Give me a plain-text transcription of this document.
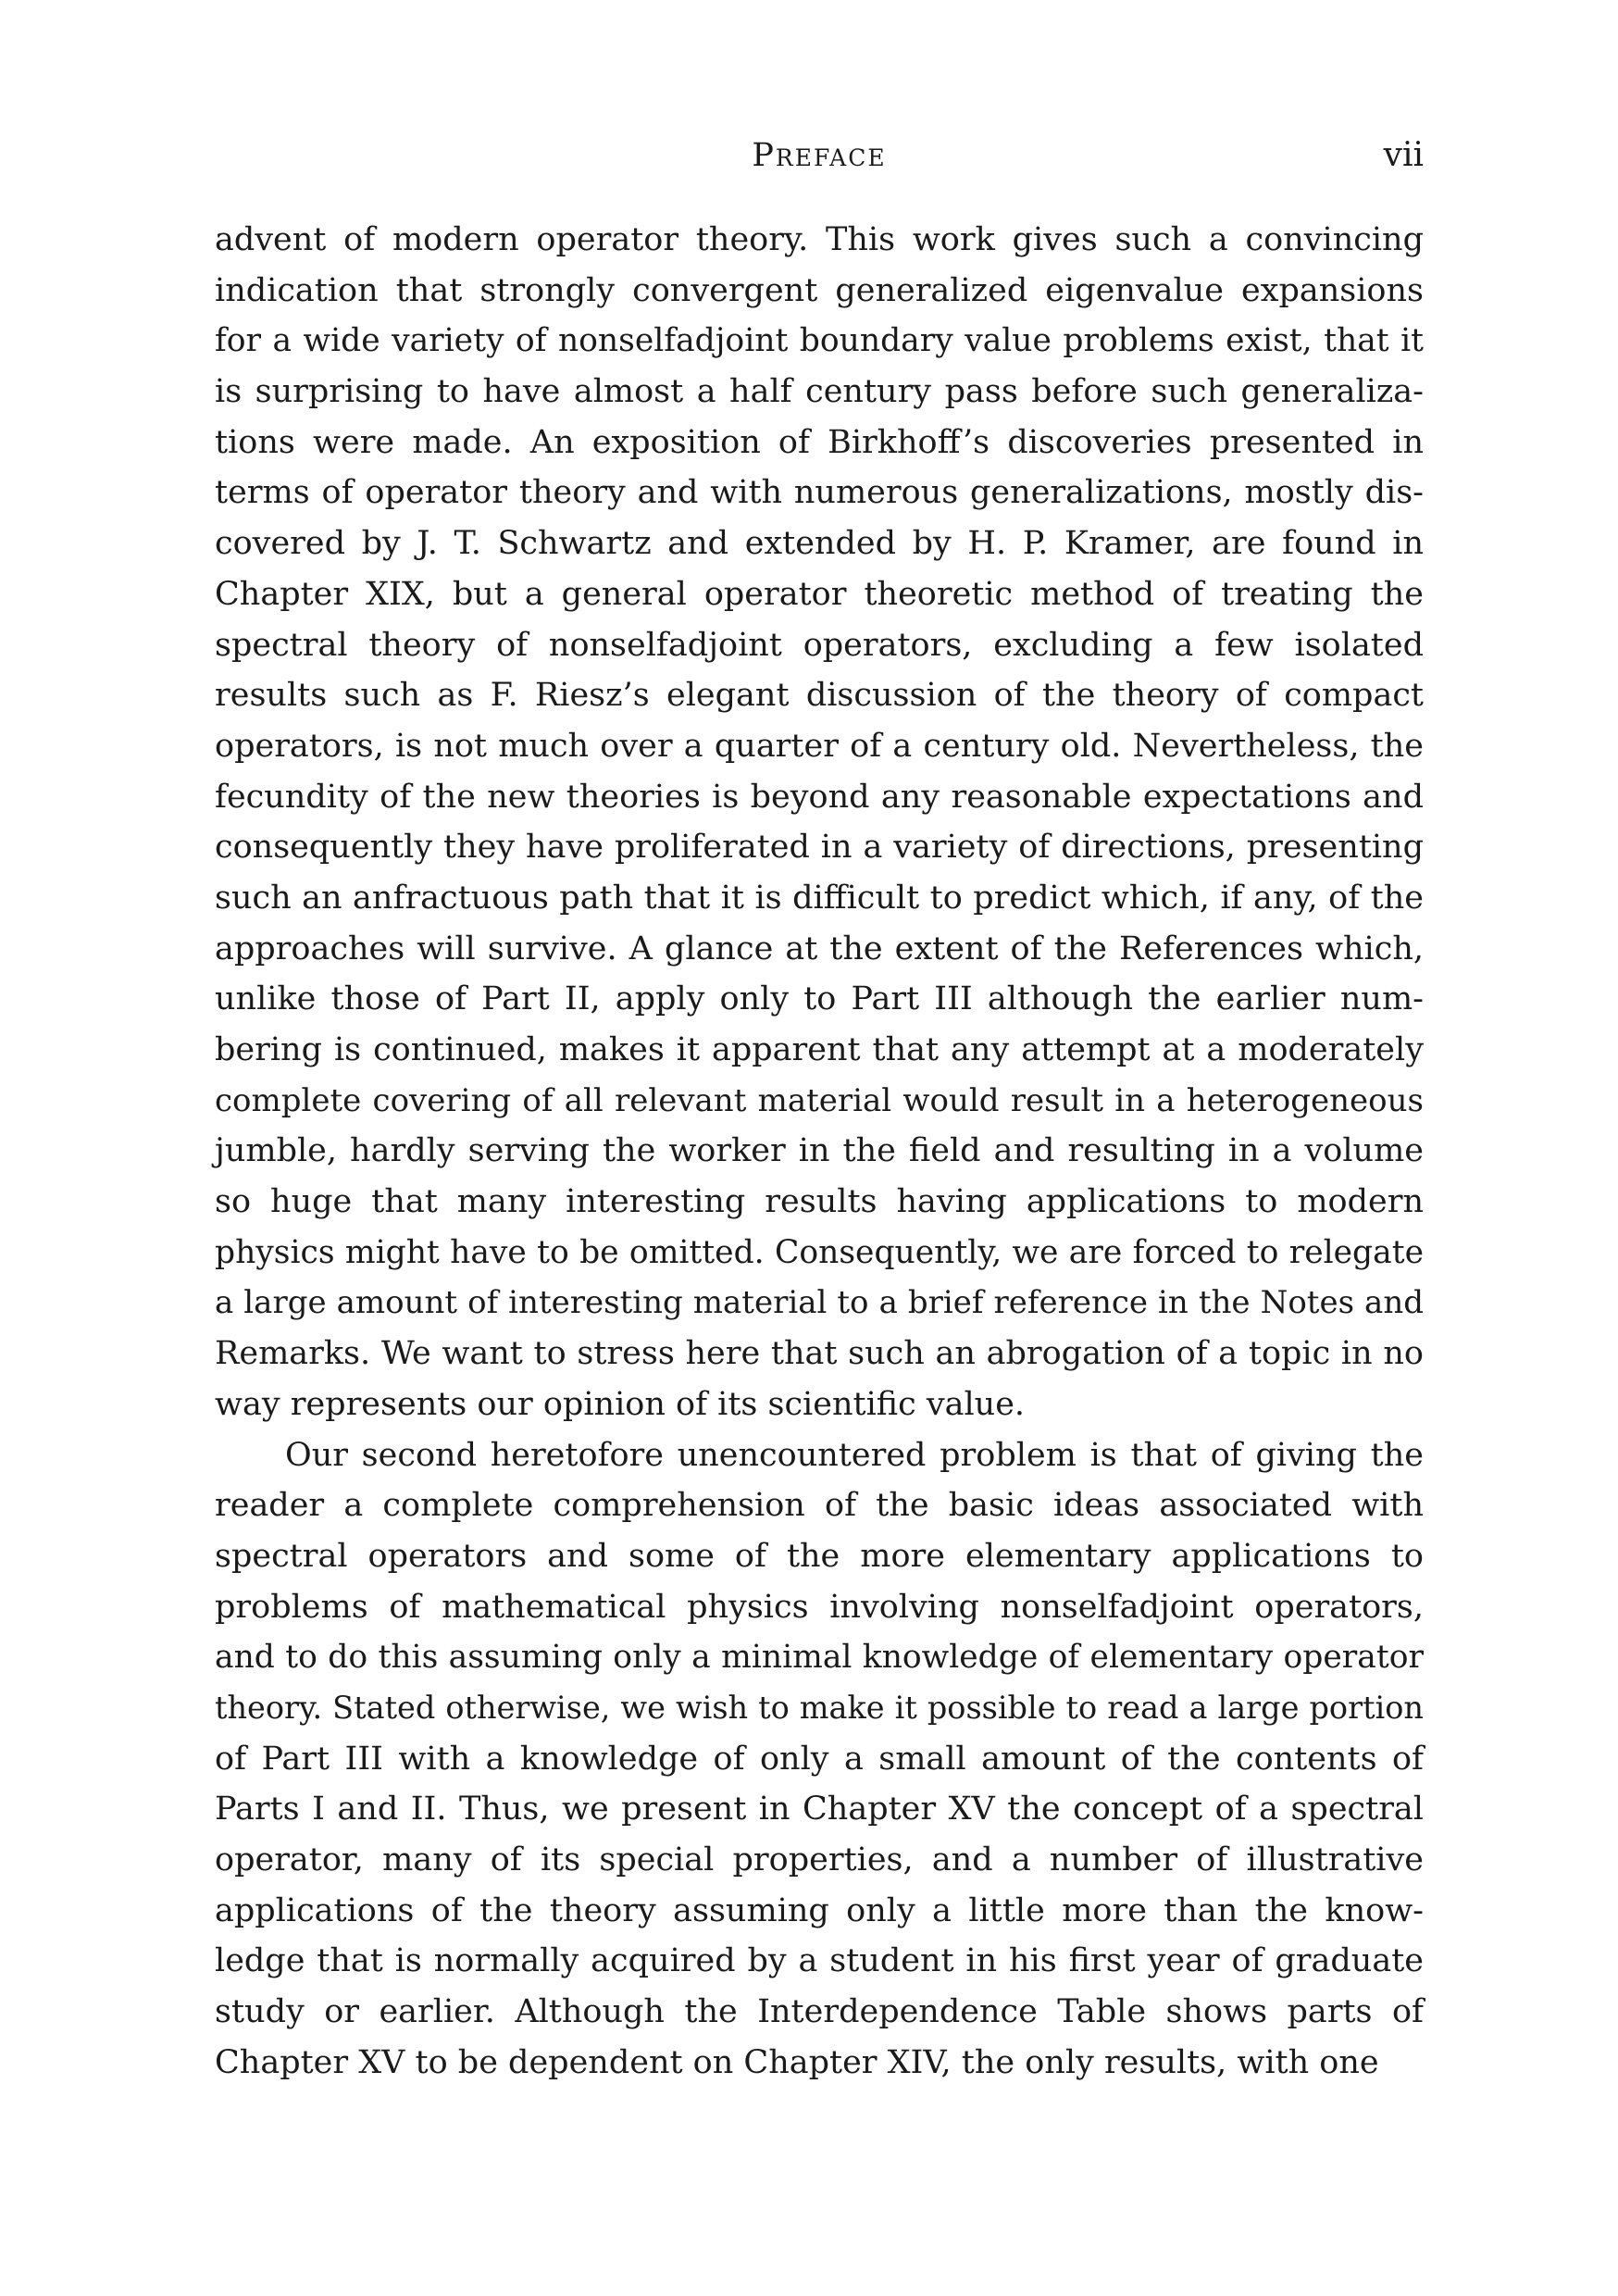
Preface	vii
advent of modern operator theory. This work gives such a convincing
indication that strongly convergent generalized eigenvalue expansions
for a wide variety of nonselfadjoint boundary value problems exist, that it
is surprising to have almost a half century pass before such generaliza-
tions were made. An exposition of Birkhoff’s discoveries presented in
terms of operator theory and with numerous generalizations, mostly dis-
covered by J. T. Schwartz and extended by H. P. Kramer, are found in
Chapter XIX, but a general operator theoretic method of treating the
spectral theory of nonselfadjoint operators, excluding a few isolated
results such as F. Riesz’s elegant discussion of the theory of compact
operators, is not much over a quarter of a century old. Nevertheless, the
fecundity of the new theories is beyond any reasonable expectations and
consequently they have proliferated in a variety of directions, presenting
such an anfractuous path that it is difficult to predict which, if any, of the
approaches will survive. A glance at the extent of the References which,
unlike those of Part II, apply only to Part III although the earlier num-
bering is continued, makes it apparent that any attempt at a moderately
complete covering of all relevant material would result in a heterogeneous
jumble, hardly serving the worker in the field and resulting in a volume
so huge that many interesting results having applications to modern
physics might have to be omitted. Consequently, we are forced to relegate
a large amount of interesting material to a brief reference in the Notes and
Remarks. We want to stress here that such an abrogation of a topic in no
way represents our opinion of its scientific value.
Our second heretofore unencountered problem is that of giving the
reader a complete comprehension of the basic ideas associated with
spectral operators and some of the more elementary applications to
problems of mathematical physics involving nonselfadjoint operators,
and to do this assuming only a minimal knowledge of elementary operator
theory. Stated otherwise, we wish to make it possible to read a large portion
of Part III with a knowledge of only a small amount of the contents of
Parts I and II. Thus, we present in Chapter XV the concept of a spectral
operator, many of its special properties, and a number of illustrative
applications of the theory assuming only a little more than the know-
ledge that is normally acquired by a student in his first year of graduate
study or earlier. Although the Interdependence Table shows parts of
Chapter XV to be dependent on Chapter XIV, the only results, with one
